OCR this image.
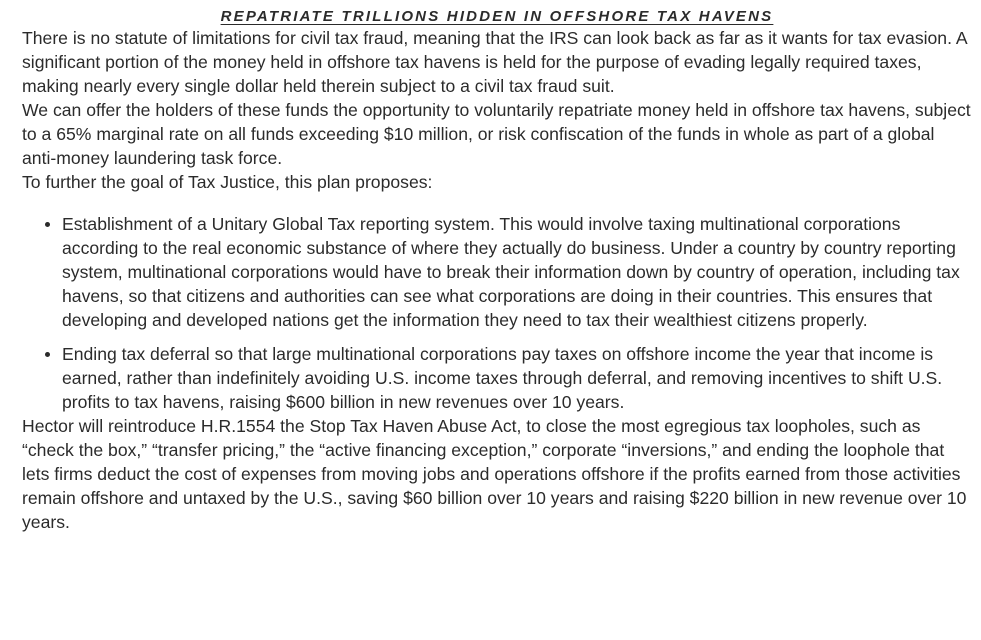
REPATRIATE TRILLIONS HIDDEN IN OFFSHORE TAX HAVENS

There is no statute of limitations for civil tax fraud, meaning that the IRS can look back as far as it wants for tax evasion. A significant portion of the money held in offshore tax havens is held for the purpose of evading legally required taxes, making nearly every single dollar held therein subject to a civil tax fraud suit.

We can offer the holders of these funds the opportunity to voluntarily repatriate money held in offshore tax havens, subject to a 65% marginal rate on all funds exceeding $10 million, or risk confiscation of the funds in whole as part of a global anti-money laundering task force.

To further the goal of Tax Justice, this plan proposes:

Establishment of a Unitary Global Tax reporting system. This would involve taxing multinational corporations according to the real economic substance of where they actually do business. Under a country by country reporting system, multinational corporations would have to break their information down by country of operation, including tax havens, so that citizens and authorities can see what corporations are doing in their countries. This ensures that developing and developed nations get the information they need to tax their wealthiest citizens properly.
Ending tax deferral so that large multinational corporations pay taxes on offshore income the year that income is earned, rather than indefinitely avoiding U.S. income taxes through deferral, and removing incentives to shift U.S. profits to tax havens, raising $600 billion in new revenues over 10 years.

Hector will reintroduce H.R.1554 the Stop Tax Haven Abuse Act, to close the most egregious tax loopholes, such as “check the box,” “transfer pricing,” the “active financing exception,” corporate “inversions,” and ending the loophole that lets firms deduct the cost of expenses from moving jobs and operations offshore if the profits earned from those activities remain offshore and untaxed by the U.S., saving $60 billion over 10 years and raising $220 billion in new revenue over 10 years.
